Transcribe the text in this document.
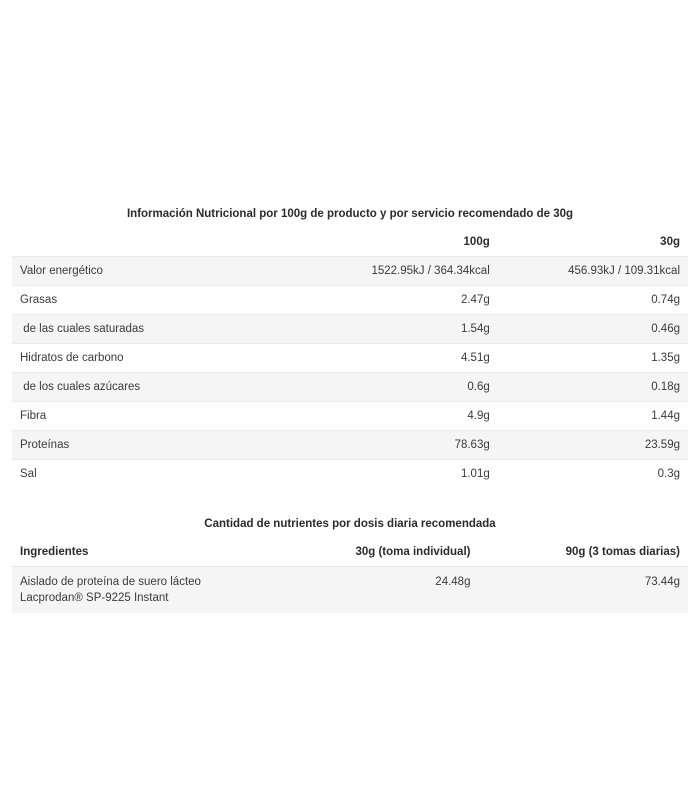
Información Nutricional por 100g de producto y por servicio recomendado de 30g
	100g	30g
Valor energético	1522.95kJ / 364.34kcal	456.93kJ / 109.31kcal
Grasas	2.47g	0.74g
de las cuales saturadas	1.54g	0.46g
Hidratos de carbono	4.51g	1.35g
de los cuales azúcares	0.6g	0.18g
Fibra	4.9g	1.44g
Proteínas	78.63g	23.59g
Sal	1.01g	0.3g
Cantidad de nutrientes por dosis diaria recomendada
Ingredientes	30g (toma individual)	90g (3 tomas diarias)
Aislado de proteína de suero lácteo Lacprodan® SP-9225 Instant	24.48g	73.44g
